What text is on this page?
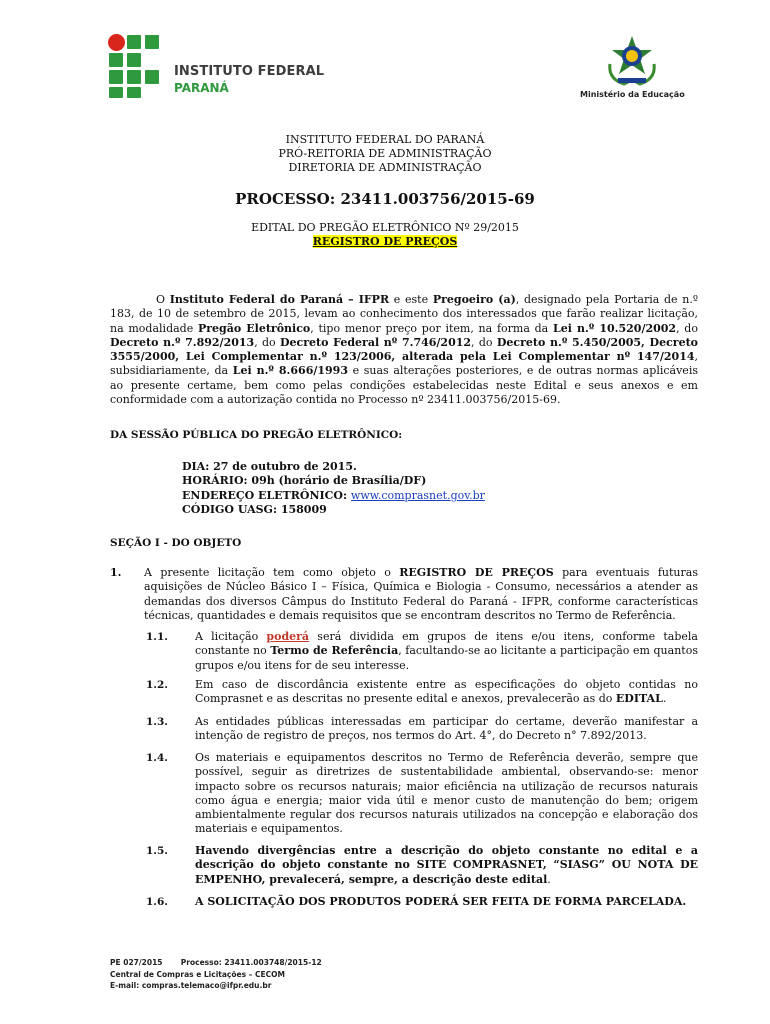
INSTITUTO FEDERAL
PARANÁ	Ministério da Educação
INSTITUTO FEDERAL DO PARANÁ
PRÓ-REITORIA DE ADMINISTRAÇÃO
DIRETORIA DE ADMINISTRAÇÃO
PROCESSO: 23411.003756/2015-69
EDITAL DO PREGÃO ELETRÔNICO Nº 29/2015
REGISTRO DE PREÇOS
O Instituto Federal do Paraná – IFPR e este Pregoeiro (a), designado pela Portaria de n.º 183, de 10 de setembro de 2015, levam ao conhecimento dos interessados que farão realizar licitação, na modalidade Pregão Eletrônico, tipo menor preço por item, na forma da Lei n.º 10.520/2002, do Decreto n.º 7.892/2013, do Decreto Federal nº 7.746/2012, do Decreto n.º 5.450/2005, Decreto 3555/2000, Lei Complementar n.º 123/2006, alterada pela Lei Complementar nº 147/2014, subsidiariamente, da Lei n.º 8.666/1993 e suas alterações posteriores, e de outras normas aplicáveis ao presente certame, bem como pelas condições estabelecidas neste Edital e seus anexos e em conformidade com a autorização contida no Processo nº 23411.003756/2015-69.
DA SESSÃO PÚBLICA DO PREGÃO ELETRÔNICO:
DIA: 27 de outubro de 2015.
HORÁRIO: 09h (horário de Brasília/DF)
ENDEREÇO ELETRÔNICO: www.comprasnet.gov.br
CÓDIGO UASG: 158009
SEÇÃO I - DO OBJETO
1. A presente licitação tem como objeto o REGISTRO DE PREÇOS para eventuais futuras aquisições de Núcleo Básico I – Física, Química e Biologia - Consumo, necessários a atender as demandas dos diversos Câmpus do Instituto Federal do Paraná - IFPR, conforme características técnicas, quantidades e demais requisitos que se encontram descritos no Termo de Referência.
1.1. A licitação poderá será dividida em grupos de itens e/ou itens, conforme tabela constante no Termo de Referência, facultando-se ao licitante a participação em quantos grupos e/ou itens for de seu interesse.
1.2. Em caso de discordância existente entre as especificações do objeto contidas no Comprasnet e as descritas no presente edital e anexos, prevalecerão as do EDITAL.
1.3. As entidades públicas interessadas em participar do certame, deverão manifestar a intenção de registro de preços, nos termos do Art. 4°, do Decreto n° 7.892/2013.
1.4. Os materiais e equipamentos descritos no Termo de Referência deverão, sempre que possível, seguir as diretrizes de sustentabilidade ambiental, observando-se: menor impacto sobre os recursos naturais; maior eficiência na utilização de recursos naturais como água e energia; maior vida útil e menor custo de manutenção do bem; origem ambientalmente regular dos recursos naturais utilizados na concepção e elaboração dos materiais e equipamentos.
1.5. Havendo divergências entre a descrição do objeto constante no edital e a descrição do objeto constante no SITE COMPRASNET, “SIASG” OU NOTA DE EMPENHO, prevalecerá, sempre, a descrição deste edital.
1.6. A SOLICITAÇÃO DOS PRODUTOS PODERÁ SER FEITA DE FORMA PARCELADA.
PE 027/2015       Processo: 23411.003748/2015-12
Central de Compras e Licitações – CECOM
E-mail: compras.telemaco@ifpr.edu.br
